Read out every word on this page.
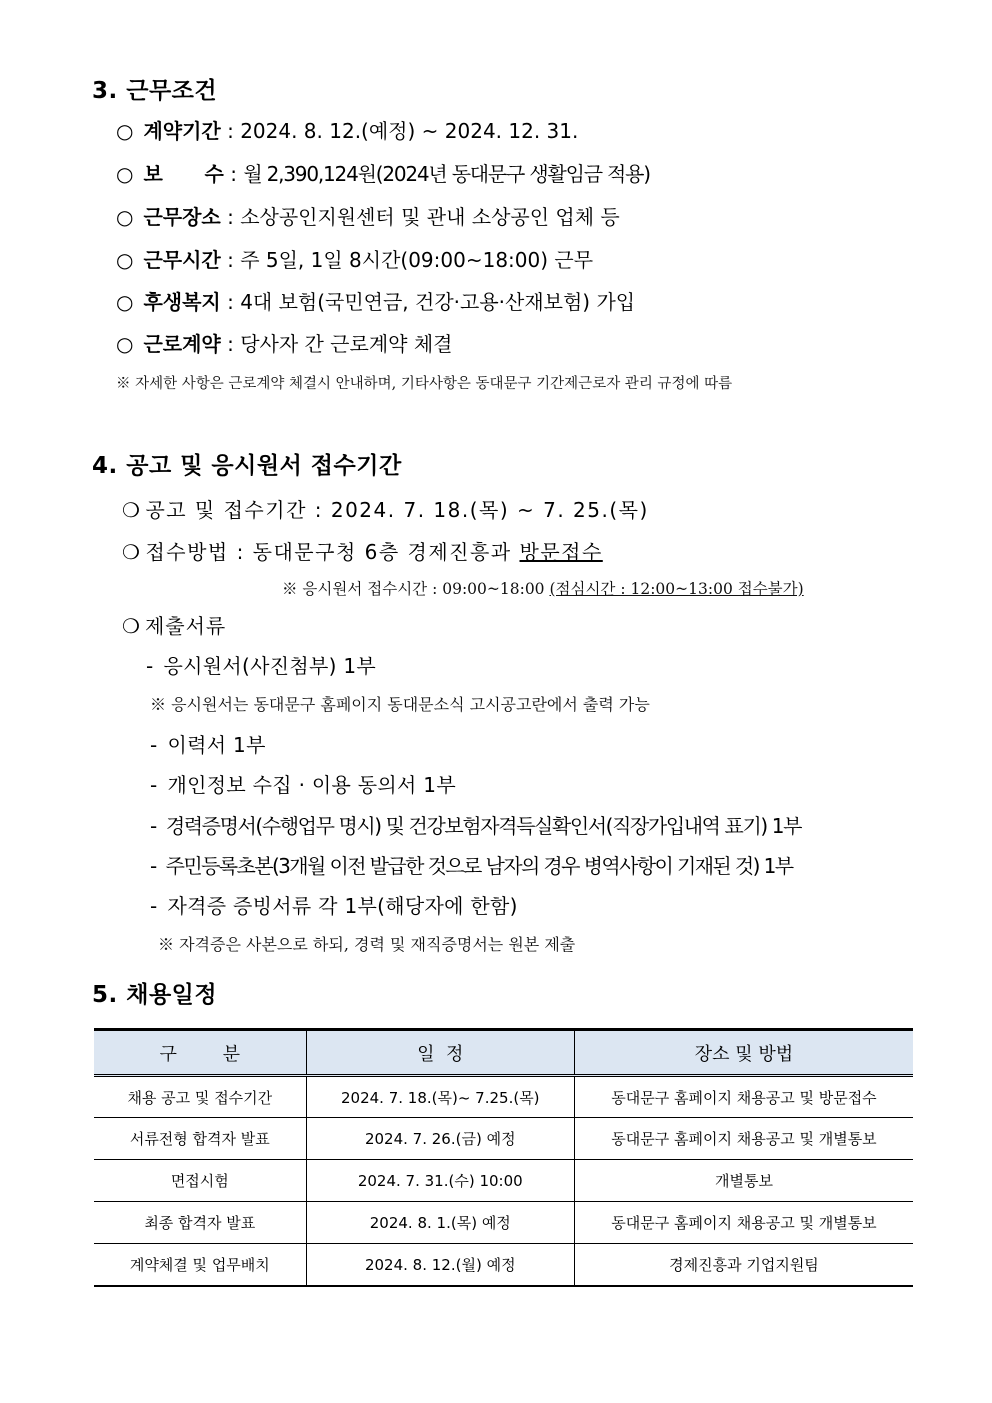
3. 근무조건
○ 계약기간 : 2024. 8. 12.(예정) ~ 2024. 12. 31.
○ 보      수 : 월 2,390,124원(2024년 동대문구 생활임금 적용)
○ 근무장소 : 소상공인지원센터 및 관내 소상공인 업체 등
○ 근무시간 : 주 5일, 1일 8시간(09:00~18:00) 근무
○ 후생복지 : 4대 보험(국민연금, 건강·고용·산재보험) 가입
○ 근로계약 : 당사자 간 근로계약 체결
※ 자세한 사항은 근로계약 체결시 안내하며, 기타사항은 동대문구 기간제근로자 관리 규정에 따름
4. 공고 및 응시원서 접수기간
❍ 공고 및 접수기간 : 2024. 7. 18.(목) ~ 7. 25.(목)
❍ 접수방법 : 동대문구청 6층 경제진흥과 방문접수
※ 응시원서 접수시간 : 09:00~18:00 (점심시간 : 12:00~13:00 접수불가)
❍ 제출서류
- 응시원서(사진첨부) 1부
※ 응시원서는 동대문구 홈페이지 동대문소식 고시공고란에서 출력 가능
- 이력서 1부
- 개인정보 수집 · 이용 동의서 1부
- 경력증명서(수행업무 명시) 및 건강보험자격득실확인서(직장가입내역 표기) 1부
- 주민등록초본(3개월 이전 발급한 것으로 남자의 경우 병역사항이 기재된 것) 1부
- 자격증 증빙서류 각 1부(해당자에 한함)
※ 자격증은 사본으로 하되, 경력 및 재직증명서는 원본 제출
5. 채용일정
구        분	일  정	장소 및 방법
채용 공고 및 접수기간	2024. 7. 18.(목)~ 7.25.(목)	동대문구 홈페이지 채용공고 및 방문접수
서류전형 합격자 발표	2024. 7. 26.(금) 예정	동대문구 홈페이지 채용공고 및 개별통보
면접시험	2024. 7. 31.(수) 10:00	개별통보
최종 합격자 발표	2024. 8. 1.(목) 예정	동대문구 홈페이지 채용공고 및 개별통보
계약체결 및 업무배치	2024. 8. 12.(월) 예정	경제진흥과 기업지원팀
